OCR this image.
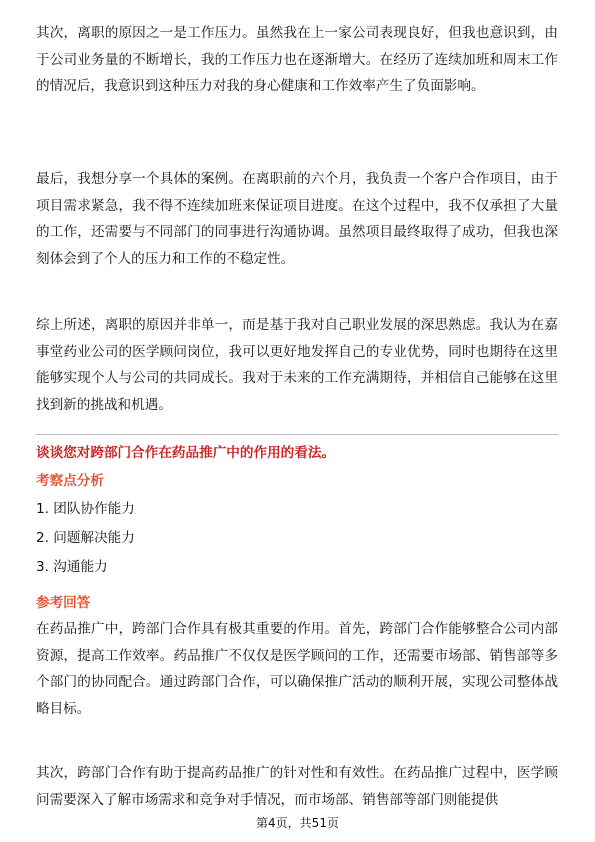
其次，离职的原因之一是工作压力。虽然我在上一家公司表现良好，但我也意识到，由于公司业务量的不断增长，我的工作压力也在逐渐增大。在经历了连续加班和周末工作的情况后，我意识到这种压力对我的身心健康和工作效率产生了负面影响。

最后，我想分享一个具体的案例。在离职前的六个月，我负责一个客户合作项目，由于项目需求紧急，我不得不连续加班来保证项目进度。在这个过程中，我不仅承担了大量的工作，还需要与不同部门的同事进行沟通协调。虽然项目最终取得了成功，但我也深刻体会到了个人的压力和工作的不稳定性。

综上所述，离职的原因并非单一，而是基于我对自己职业发展的深思熟虑。我认为在嘉事堂药业公司的医学顾问岗位，我可以更好地发挥自己的专业优势，同时也期待在这里能够实现个人与公司的共同成长。我对于未来的工作充满期待，并相信自己能够在这里找到新的挑战和机遇。

谈谈您对跨部门合作在药品推广中的作用的看法。

考察点分析

1. 团队协作能力

2. 问题解决能力

3. 沟通能力

参考回答

在药品推广中，跨部门合作具有极其重要的作用。首先，跨部门合作能够整合公司内部资源，提高工作效率。药品推广不仅仅是医学顾问的工作，还需要市场部、销售部等多个部门的协同配合。通过跨部门合作，可以确保推广活动的顺利开展，实现公司整体战略目标。

其次，跨部门合作有助于提高药品推广的针对性和有效性。在药品推广过程中，医学顾问需要深入了解市场需求和竞争对手情况，而市场部、销售部等部门则能提供

第4页，共51页
